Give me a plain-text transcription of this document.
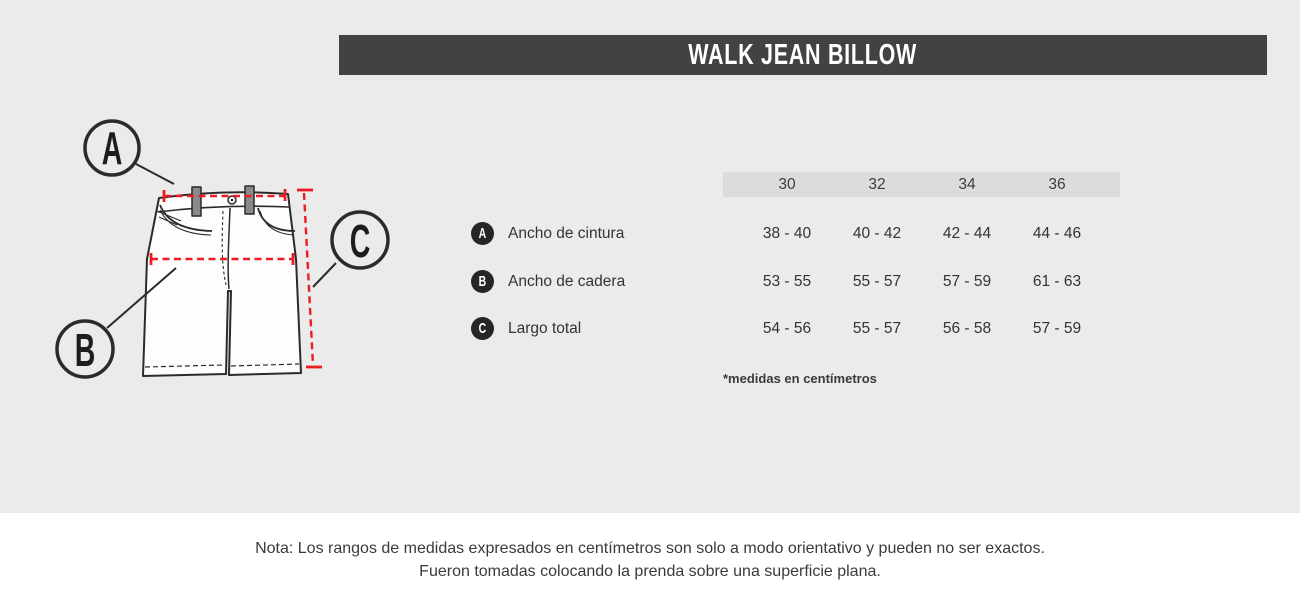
WALK JEAN BILLOW
A
B
C
30	32	34	36
A	Ancho de cintura	38 - 40	40 - 42	42 - 44	44 - 46
B	Ancho de cadera	53 - 55	55 - 57	57 - 59	61 - 63
C	Largo total	54 - 56	55 - 57	56 - 58	57 - 59
*medidas en centímetros
Nota: Los rangos de medidas expresados en centímetros son solo a modo orientativo y pueden no ser exactos.
Fueron tomadas colocando la prenda sobre una superficie plana.
